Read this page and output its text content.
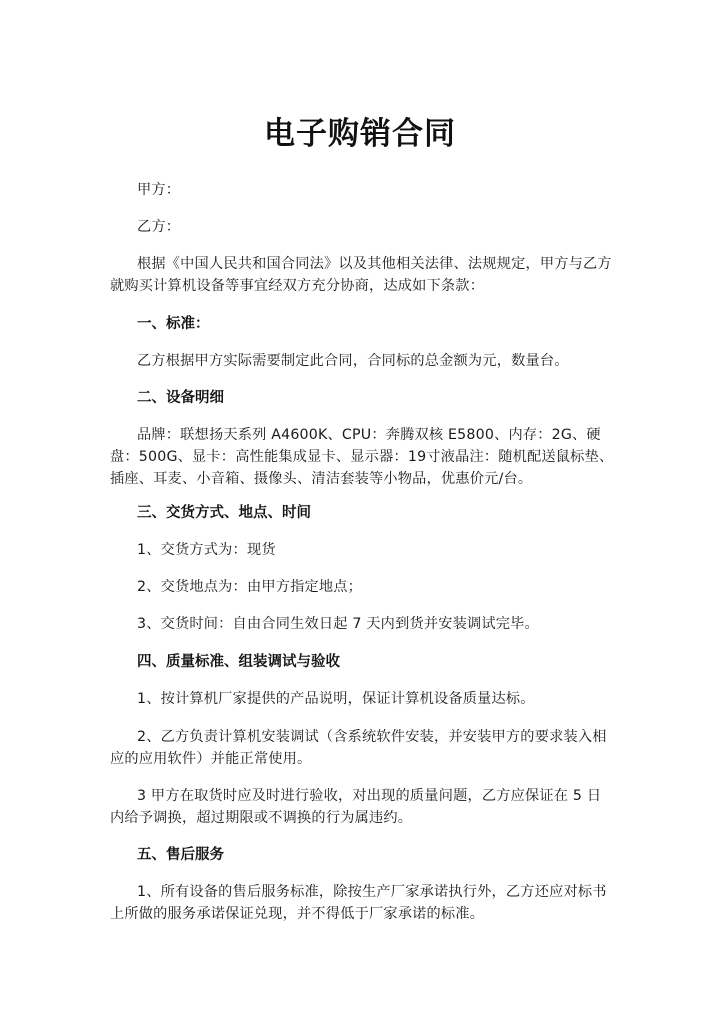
电子购销合同
甲方：
乙方：
根据《中国人民共和国合同法》以及其他相关法律、法规规定，甲方与乙方就购买计算机设备等事宜经双方充分协商，达成如下条款：
一、标准：
乙方根据甲方实际需要制定此合同，合同标的总金额为元，数量台。
二、设备明细
品牌：联想扬天系列 A4600K、CPU：奔腾双核 E5800、内存：2G、硬盘：500G、显卡：高性能集成显卡、显示器：19寸液晶注：随机配送鼠标垫、插座、耳麦、小音箱、摄像头、清洁套装等小物品，优惠价元/台。
三、交货方式、地点、时间
1、交货方式为：现货
2、交货地点为：由甲方指定地点；
3、交货时间：自由合同生效日起 7 天内到货并安装调试完毕。
四、质量标准、组装调试与验收
1、按计算机厂家提供的产品说明，保证计算机设备质量达标。
2、乙方负责计算机安装调试（含系统软件安装，并安装甲方的要求装入相应的应用软件）并能正常使用。
3 甲方在取货时应及时进行验收，对出现的质量问题，乙方应保证在 5 日内给予调换，超过期限或不调换的行为属违约。
五、售后服务
1、所有设备的售后服务标准，除按生产厂家承诺执行外，乙方还应对标书上所做的服务承诺保证兑现，并不得低于厂家承诺的标准。
